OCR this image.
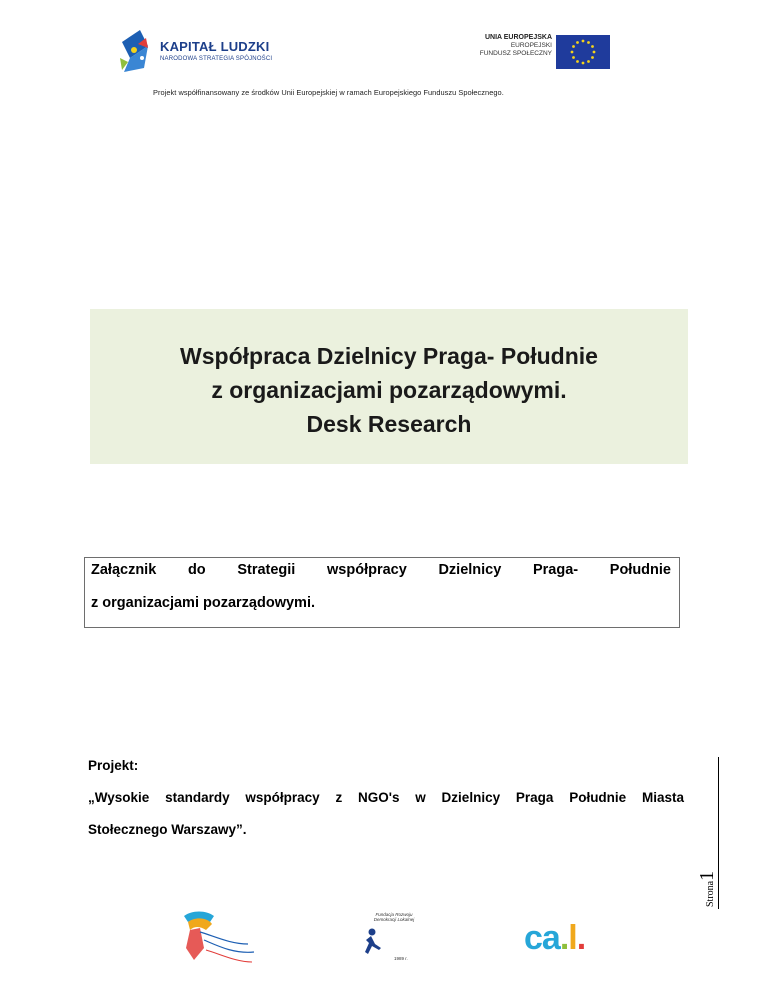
KAPITAŁ LUDZKI
NARODOWA STRATEGIA SPÓJNOŚCI
UNIA EUROPEJSKA
EUROPEJSKI
FUNDUSZ SPOŁECZNY
Projekt współfinansowany ze środków Unii Europejskiej w ramach Europejskiego Funduszu Społecznego.
Współpraca Dzielnicy Praga- Południe
z organizacjami pozarządowymi.
Desk Research
Załącznik do Strategii współpracy Dzielnicy Praga- Południe
z organizacjami pozarządowymi.
Projekt:
„Wysokie standardy współpracy z NGO's w Dzielnicy Praga Południe Miasta
Stołecznego Warszawy”.
Strona1
Fundacja Rozwoju Demokracji Lokalnej
1989 r.
ca.l.
